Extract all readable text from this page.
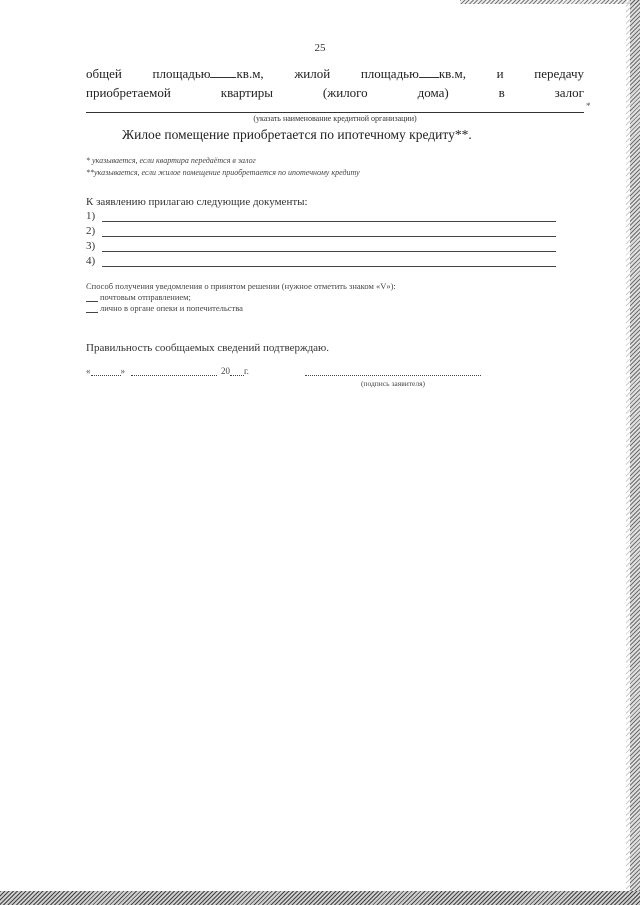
25
общей площадью кв.м, жилой площадью кв.м, и передачу
приобретаемой	квартиры	(жилого	дома)	в	залог
*
(указать наименование кредитной организации)
Жилое помещение приобретается по ипотечному кредиту**.
* указывается, если квартира передаётся в залог
**указывается, если жилое помещение приобретается по ипотечному кредиту
К заявлению прилагаю следующие документы:
1)
2)
3)
4)
Способ получения уведомления о принятом решении (нужное отметить знаком «V»):
почтовым отправлением;
лично в органе опеки и попечительства
Правильность сообщаемых сведений подтверждаю.
«	»	20 г.
(подпись заявителя)
